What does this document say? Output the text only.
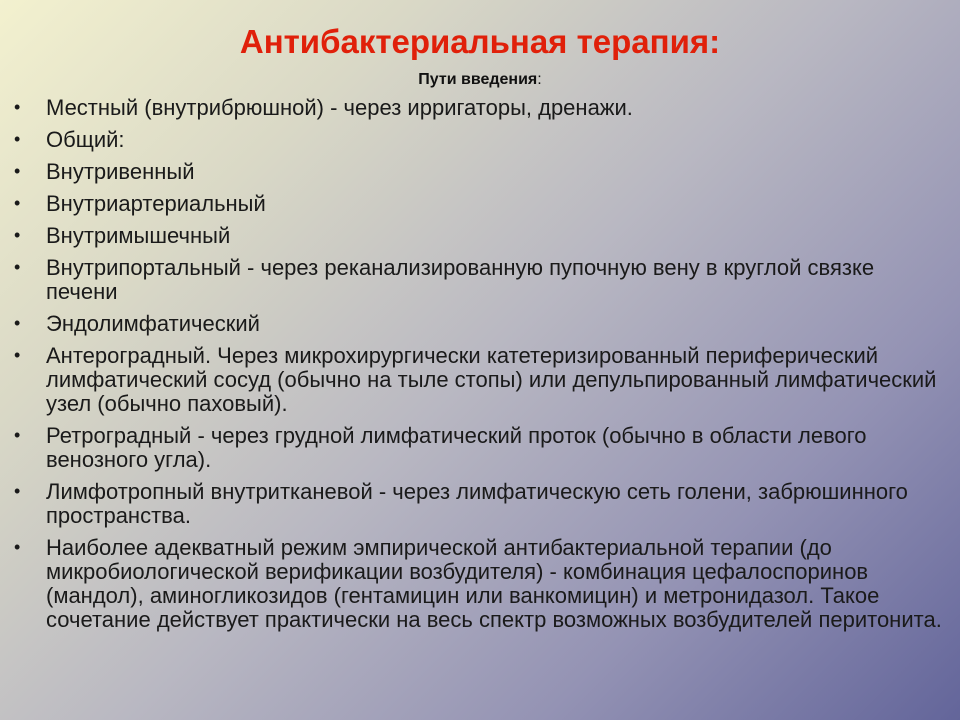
Антибактериальная терапия:
Пути введения:
• Местный (внутрибрюшной) - через ирригаторы, дренажи.
• Общий:
• Внутривенный
• Внутриартериальный
• Внутримышечный
• Внутрипортальный - через реканализированную пупочную вену в круглой связке печени
• Эндолимфатический
• Антероградный. Через микрохирургически катетеризированный периферический лимфатический сосуд (обычно на тыле стопы) или депульпированный лимфатический узел (обычно паховый).
• Ретроградный - через грудной лимфатический проток (обычно в области левого венозного угла).
• Лимфотропный внутритканевой - через лимфатическую сеть голени, забрюшинного пространства.
• Наиболее адекватный режим эмпирической антибактериальной терапии (до микробиологической верификации возбудителя) - комбинация цефалоспоринов (мандол), аминогликозидов (гентамицин или ванкомицин) и метронидазол. Такое сочетание действует практически на весь спектр возможных возбудителей перитонита.
